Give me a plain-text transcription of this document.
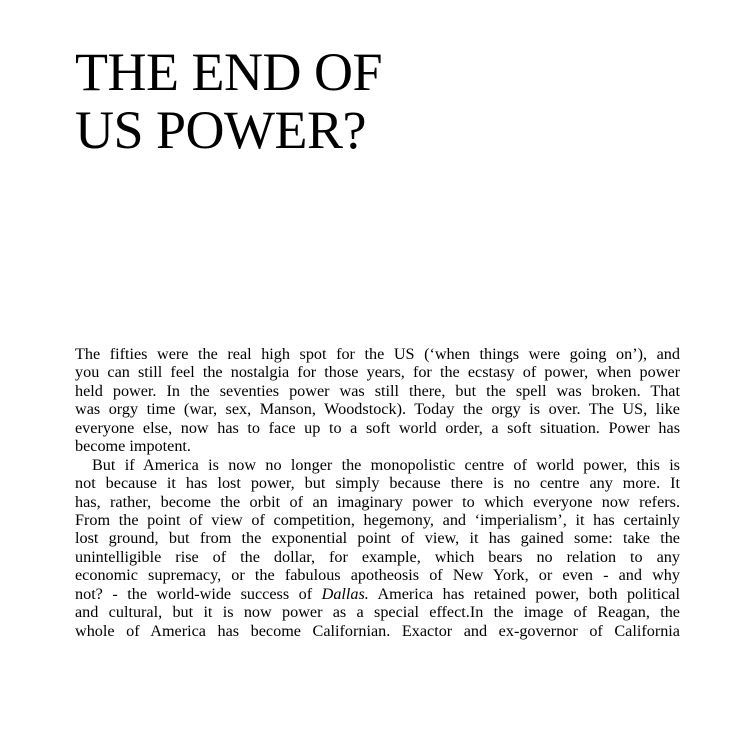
THE END OF
US POWER?
The fifties were the real high spot for the US (‘when things were going on’), and
you can still feel the nostalgia for those years, for the ecstasy of power, when power
held power. In the seventies power was still there, but the spell was broken. That
was orgy time (war, sex, Manson, Woodstock). Today the orgy is over. The US, like
everyone else, now has to face up to a soft world order, a soft situation. Power has
become impotent.
But if America is now no longer the monopolistic centre of world power, this is
not because it has lost power, but simply because there is no centre any more. It
has, rather, become the orbit of an imaginary power to which everyone now refers.
From the point of view of competition, hegemony, and ‘imperialism’, it has certainly
lost ground, but from the exponential point of view, it has gained some: take the
unintelligible rise of the dollar, for example, which bears no relation to any
economic supremacy, or the fabulous apotheosis of New York, or even - and why
not? - the world-wide success of Dallas. America has retained power, both political
and cultural, but it is now power as a special effect.In the image of Reagan, the
whole of America has become Californian. Exactor and ex-governor of California
